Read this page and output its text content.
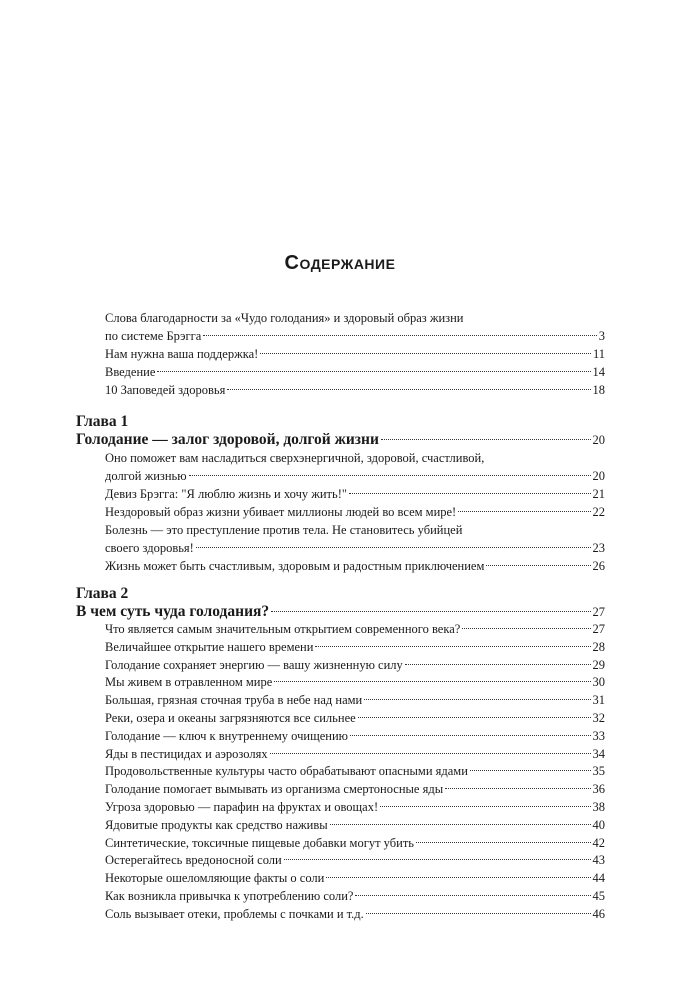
Содержание
Слова благодарности за «Чудо голодания» и здоровый образ жизни
по системе Брэгга	3
Нам нужна ваша поддержка!	11
Введение	14
10 Заповедей здоровья	18
Глава 1
Голодание — залог здоровой, долгой жизни	20
Оно поможет вам насладиться сверхэнергичной, здоровой, счастливой,
долгой жизнью	20
Девиз Брэгга: "Я люблю жизнь и хочу жить!"	21
Нездоровый образ жизни убивает миллионы людей во всем мире!	22
Болезнь — это преступление против тела. Не становитесь убийцей
своего здоровья!	23
Жизнь может быть счастливым, здоровым и радостным приключением	26
Глава 2
В чем суть чуда голодания?	27
Что является самым значительным открытием современного века?	27
Величайшее открытие нашего времени	28
Голодание сохраняет энергию — вашу жизненную силу	29
Мы живем в отравленном мире	30
Большая, грязная сточная труба в небе над нами	31
Реки, озера и океаны загрязняются все сильнее	32
Голодание — ключ к внутреннему очищению	33
Яды в пестицидах и аэрозолях	34
Продовольственные культуры часто обрабатывают опасными ядами	35
Голодание помогает вымывать из организма смертоносные яды	36
Угроза здоровью — парафин на фруктах и овощах!	38
Ядовитые продукты как средство наживы	40
Синтетические, токсичные пищевые добавки могут убить	42
Остерегайтесь вредоносной соли	43
Некоторые ошеломляющие факты о соли	44
Как возникла привычка к употреблению соли?	45
Соль вызывает отеки, проблемы с почками и т.д.	46
